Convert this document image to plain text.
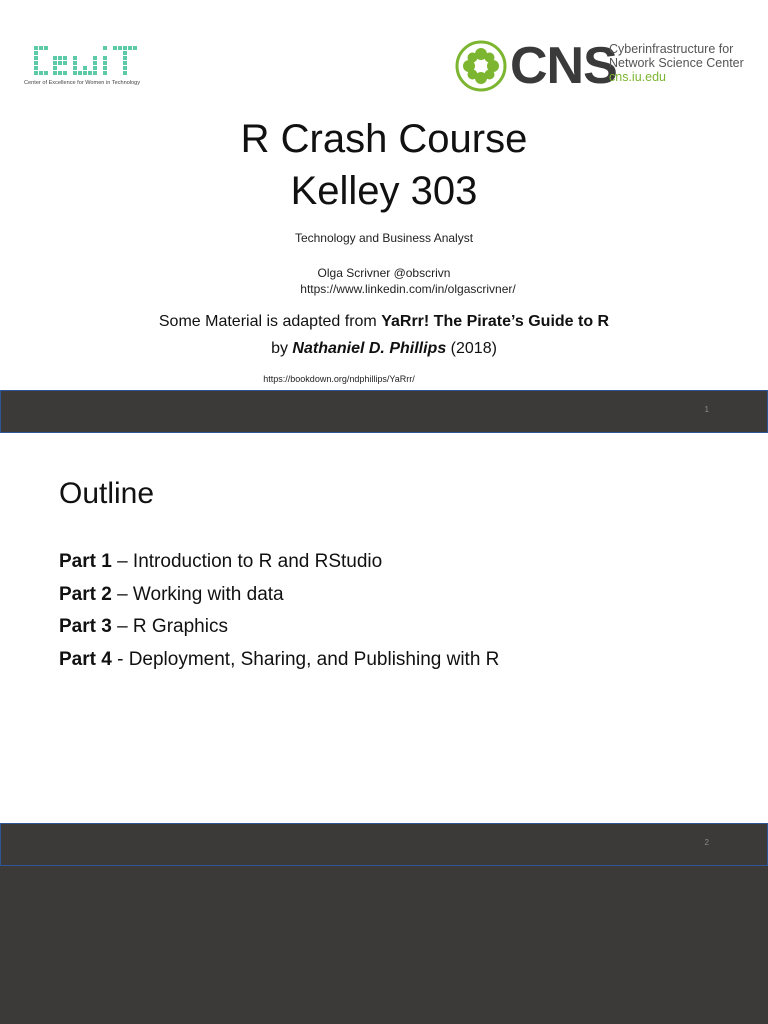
Center of Excellence for Women in Technology	CNS
Cyberinfrastructure for
Network Science Center
cns.iu.edu
R Crash Course
Kelley 303
Technology and Business Analyst
Olga Scrivner @obscrivn
https://www.linkedin.com/in/olgascrivner/
Some Material is adapted from YaRrr! The Pirate’s Guide to R
by Nathaniel D. Phillips (2018)
https://bookdown.org/ndphillips/YaRrr/
1
Outline
Part 1 – Introduction to R and RStudio
Part 2 – Working with data
Part 3 – R Graphics
Part 4 - Deployment, Sharing, and Publishing with R
2
